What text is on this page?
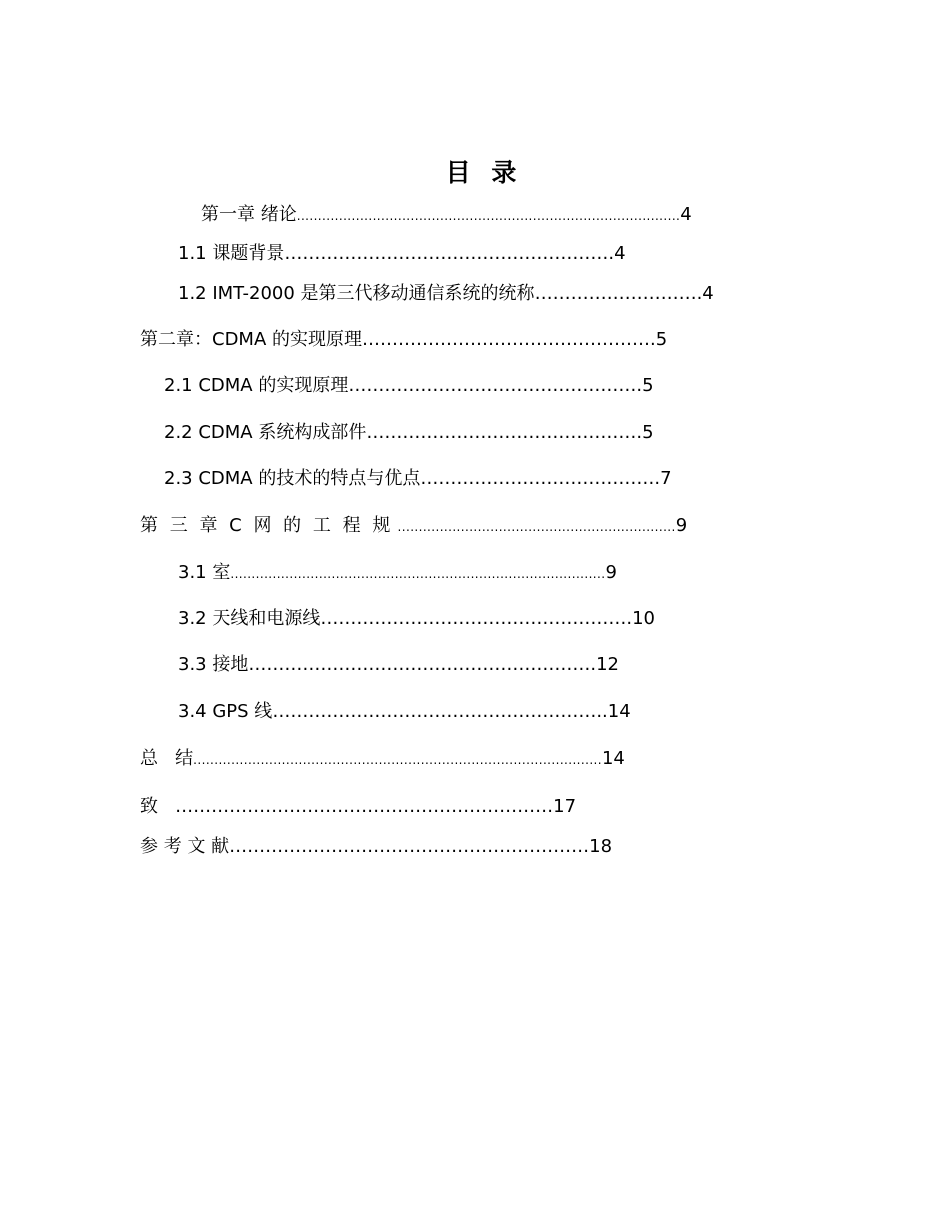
目 录
第一章 绪论...........................................................................................4
1.1 课题背景……………………………………………….4
1.2 IMT-2000 是第三代移动通信系统的统称……………………….4
第二章：CDMA 的实现原理………………………………………….5
2.1 CDMA 的实现原理………………………………………….5
2.2 CDMA 系统构成部件……………………………………….5
2.3 CDMA 的技术的特点与优点………………………………….7
第 三 章 C 网 的 工 程 规 ..................................................................9
3.1 室.........................................................................................9
3.2 天线和电源线…………………………………………….10
3.3 接地………………………………………………….12
3.4 GPS 线………………………………………………..14
总   结.................................................................................................14
致   ………………………………………………………17
参 考 文 献……………………………………………………18
